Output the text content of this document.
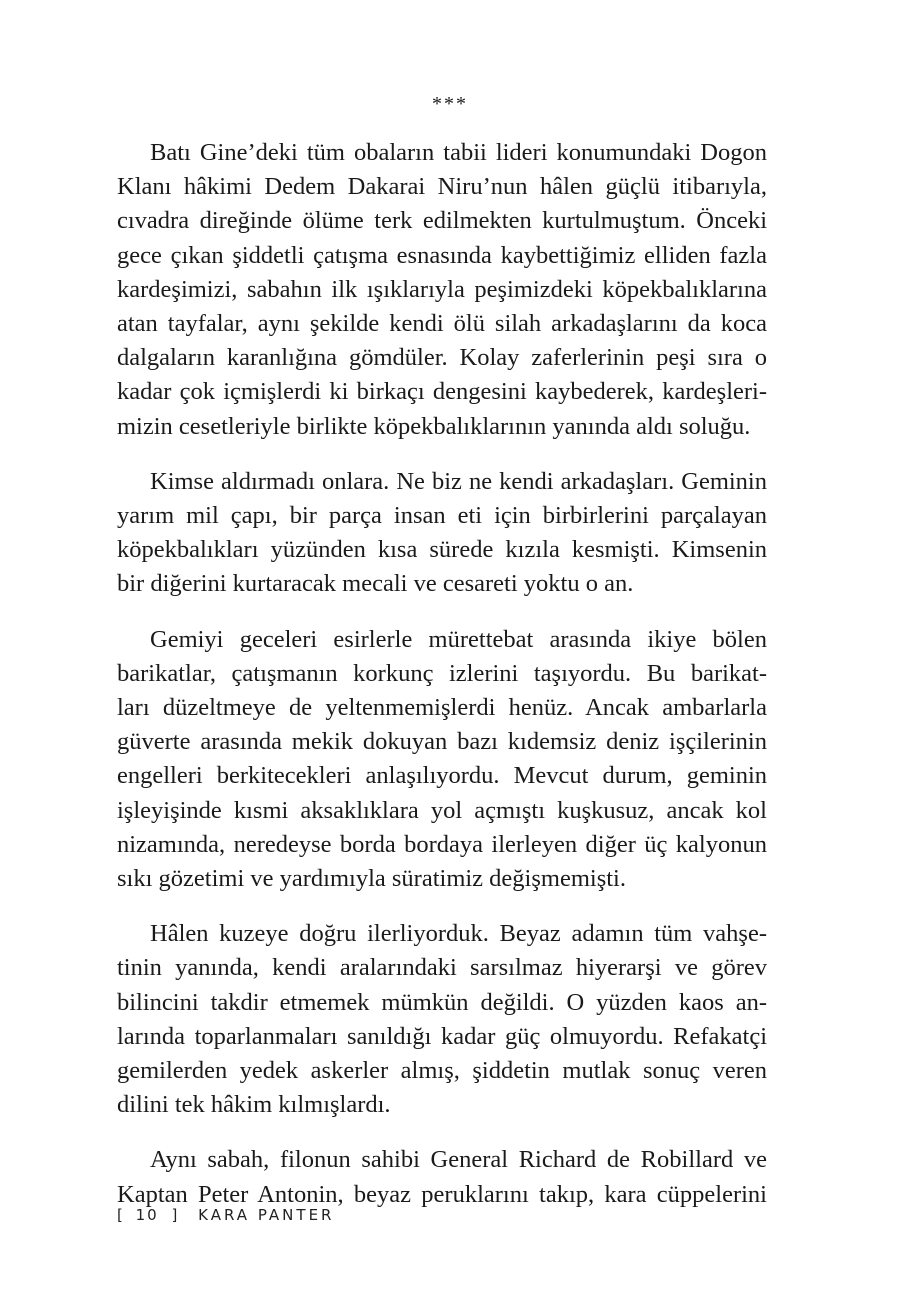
***
Batı Gine’deki tüm obaların tabii lideri konumundaki Dogon
Klanı hâkimi Dedem Dakarai Niru’nun hâlen güçlü itibarıyla,
cıvadra direğinde ölüme terk edilmekten kurtulmuştum. Önceki
gece çıkan şiddetli çatışma esnasında kaybettiğimiz elliden fazla
kardeşimizi, sabahın ilk ışıklarıyla peşimizdeki köpekbalıklarına
atan tayfalar, aynı şekilde kendi ölü silah arkadaşlarını da koca
dalgaların karanlığına gömdüler. Kolay zaferlerinin peşi sıra o
kadar çok içmişlerdi ki birkaçı dengesini kaybederek, kardeşleri-
mizin cesetleriyle birlikte köpekbalıklarının yanında aldı soluğu.
Kimse aldırmadı onlara. Ne biz ne kendi arkadaşları. Geminin
yarım mil çapı, bir parça insan eti için birbirlerini parçalayan
köpekbalıkları yüzünden kısa sürede kızıla kesmişti. Kimsenin
bir diğerini kurtaracak mecali ve cesareti yoktu o an.
Gemiyi geceleri esirlerle mürettebat arasında ikiye bölen
barikatlar, çatışmanın korkunç izlerini taşıyordu. Bu barikat-
ları düzeltmeye de yeltenmemişlerdi henüz. Ancak ambarlarla
güverte arasında mekik dokuyan bazı kıdemsiz deniz işçilerinin
engelleri berkitecekleri anlaşılıyordu. Mevcut durum, geminin
işleyişinde kısmi aksaklıklara yol açmıştı kuşkusuz, ancak kol
nizamında, neredeyse borda bordaya ilerleyen diğer üç kalyonun
sıkı gözetimi ve yardımıyla süratimiz değişmemişti.
Hâlen kuzeye doğru ilerliyorduk. Beyaz adamın tüm vahşe-
tinin yanında, kendi aralarındaki sarsılmaz hiyerarşi ve görev
bilincini takdir etmemek mümkün değildi. O yüzden kaos an-
larında toparlanmaları sanıldığı kadar güç olmuyordu. Refakatçi
gemilerden yedek askerler almış, şiddetin mutlak sonuç veren
dilini tek hâkim kılmışlardı.
Aynı sabah, filonun sahibi General Richard de Robillard ve
Kaptan Peter Antonin, beyaz peruklarını takıp, kara cüppelerini
[ 10 ] KARA PANTER
